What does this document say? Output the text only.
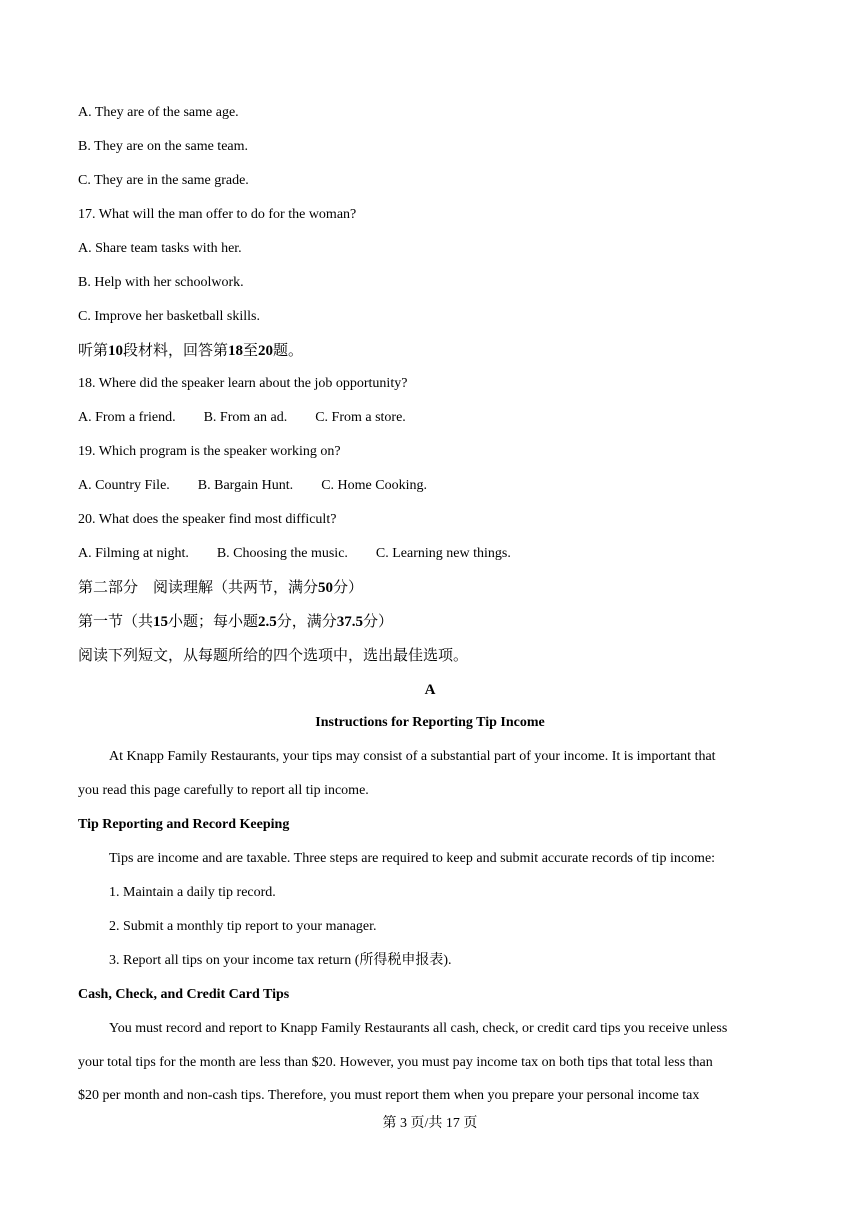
A. They are of the same age.
B. They are on the same team.
C. They are in the same grade.
17. What will the man offer to do for the woman?
A. Share team tasks with her.
B. Help with her schoolwork.
C. Improve her basketball skills.
听第10段材料，回答第18至20题。
18. Where did the speaker learn about the job opportunity?
A. From a friend. B. From an ad. C. From a store.
19. Which program is the speaker working on?
A. Country File. B. Bargain Hunt. C. Home Cooking.
20. What does the speaker find most difficult?
A. Filming at night. B. Choosing the music. C. Learning new things.
第二部分　阅读理解（共两节，满分50分）
第一节（共15小题；每小题2.5分，满分37.5分）
阅读下列短文，从每题所给的四个选项中，选出最佳选项。
A
Instructions for Reporting Tip Income
At Knapp Family Restaurants, your tips may consist of a substantial part of your income. It is important that
you read this page carefully to report all tip income.
Tip Reporting and Record Keeping
Tips are income and are taxable. Three steps are required to keep and submit accurate records of tip income:
1. Maintain a daily tip record.
2. Submit a monthly tip report to your manager.
3. Report all tips on your income tax return (所得税申报表).
Cash, Check, and Credit Card Tips
You must record and report to Knapp Family Restaurants all cash, check, or credit card tips you receive unless
your total tips for the month are less than $20. However, you must pay income tax on both tips that total less than
$20 per month and non-cash tips. Therefore, you must report them when you prepare your personal income tax
第 3 页/共 17 页
